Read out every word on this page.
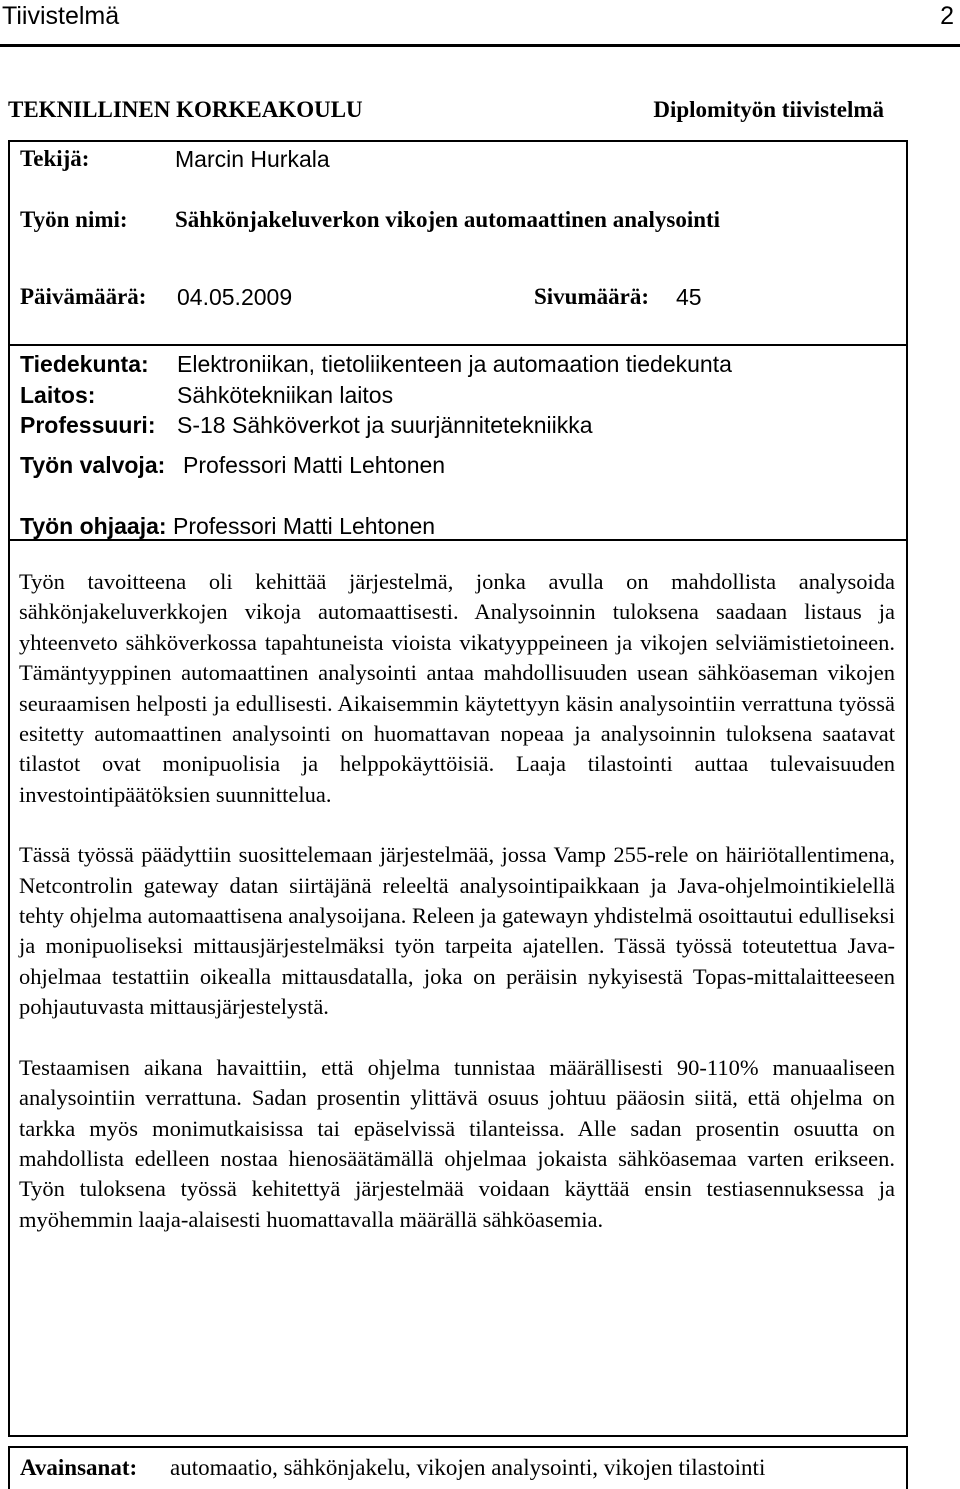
Tiivistelmä	2
TEKNILLINEN KORKEAKOULU	Diplomityön tiivistelmä
Tekijä:	Marcin Hurkala
Työn nimi: Sähkönjakeluverkon vikojen automaattinen analysointi
Päivämäärä: 04.05.2009	Sivumäärä: 45
Tiedekunta: Elektroniikan, tietoliikenteen ja automaation tiedekunta
Laitos:	Sähkötekniikan laitos
Professuuri: S-18 Sähköverkot ja suurjännitetekniikka
Työn valvoja: Professori Matti Lehtonen
Työn ohjaaja: Professori Matti Lehtonen

Työn tavoitteena oli kehittää järjestelmä, jonka avulla on mahdollista analysoida sähkönjakeluverkkojen vikoja automaattisesti. Analysoinnin tuloksena saadaan listaus ja yhteenveto sähköverkossa tapahtuneista vioista vikatyyppeineen ja vikojen selviämistietoineen. Tämäntyyppinen automaattinen analysointi antaa mahdollisuuden usean sähköaseman vikojen seuraamisen helposti ja edullisesti. Aikaisemmin käytettyyn käsin analysointiin verrattuna työssä esitetty automaattinen analysointi on huomattavan nopeaa ja analysoinnin tuloksena saatavat tilastot ovat monipuolisia ja helppokäyttöisiä. Laaja tilastointi auttaa tulevaisuuden investointipäätöksien suunnittelua.

Tässä työssä päädyttiin suosittelemaan järjestelmää, jossa Vamp 255-rele on häiriötallentimena, Netcontrolin gateway datan siirtäjänä releeltä analysointipaikkaan ja Java-ohjelmointikielellä tehty ohjelma automaattisena analysoijana. Releen ja gatewayn yhdistelmä osoittautui edulliseksi ja monipuoliseksi mittausjärjestelmäksi työn tarpeita ajatellen. Tässä työssä toteutettua Java-ohjelmaa testattiin oikealla mittausdatalla, joka on peräisin nykyisestä Topas-mittalaitteeseen pohjautuvasta mittausjärjestelystä.

Testaamisen aikana havaittiin, että ohjelma tunnistaa määrällisesti 90-110% manuaaliseen analysointiin verrattuna. Sadan prosentin ylittävä osuus johtuu pääosin siitä, että ohjelma on tarkka myös monimutkaisissa tai epäselvissä tilanteissa. Alle sadan prosentin osuutta on mahdollista edelleen nostaa hienosäätämällä ohjelmaa jokaista sähköasemaa varten erikseen. Työn tuloksena työssä kehitettyä järjestelmää voidaan käyttää ensin testiasennuksessa ja myöhemmin laaja-alaisesti huomattavalla määrällä sähköasemia.

Avainsanat: automaatio, sähkönjakelu, vikojen analysointi, vikojen tilastointi
